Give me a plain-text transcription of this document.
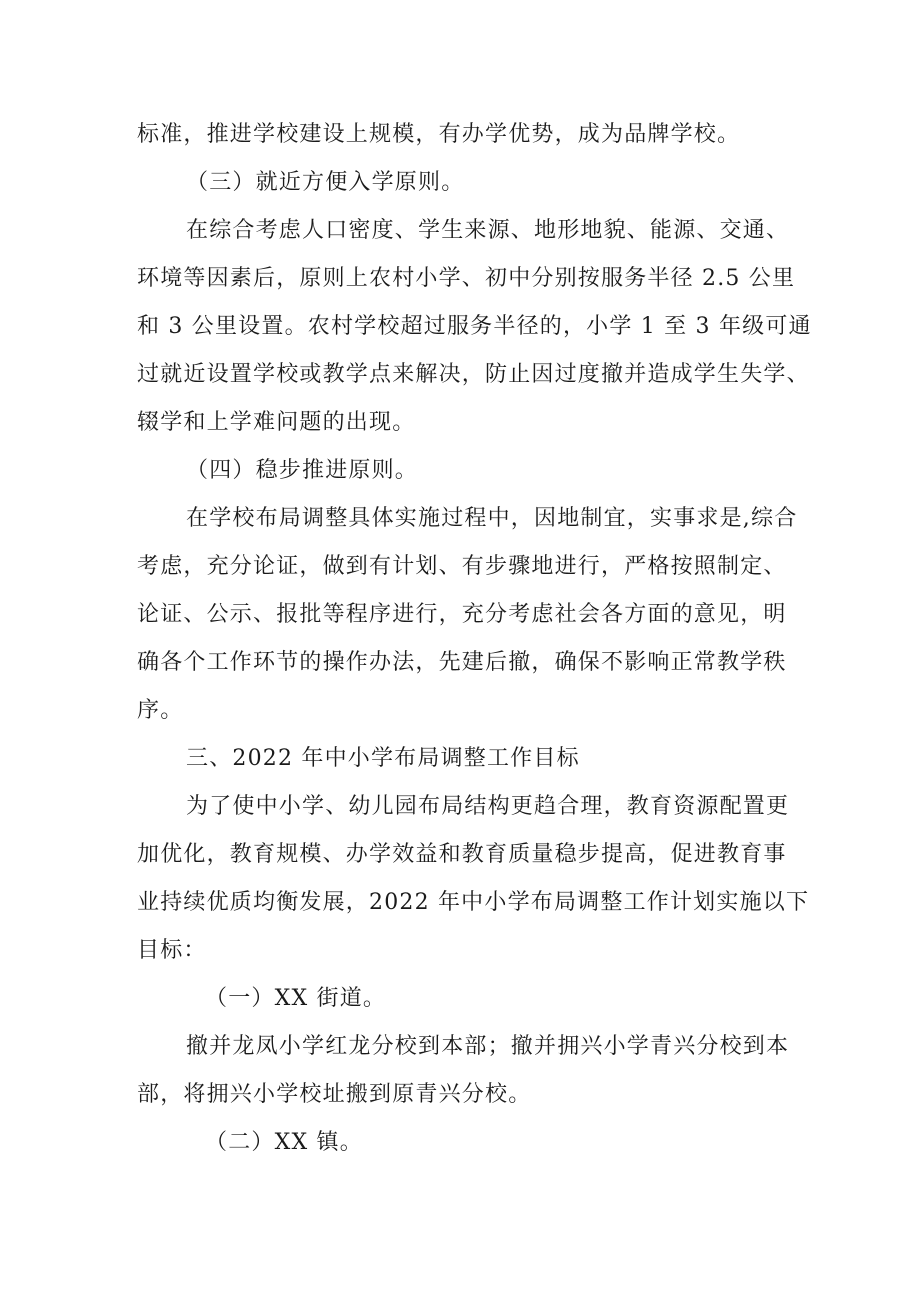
标准，推进学校建设上规模，有办学优势，成为品牌学校。
（三）就近方便入学原则。
在综合考虑人口密度、学生来源、地形地貌、能源、交通、
环境等因素后，原则上农村小学、初中分别按服务半径 2.5 公里
和 3 公里设置。农村学校超过服务半径的，小学 1 至 3 年级可通
过就近设置学校或教学点来解决，防止因过度撤并造成学生失学、
辍学和上学难问题的出现。
（四）稳步推进原则。
在学校布局调整具体实施过程中，因地制宜，实事求是,综合
考虑，充分论证，做到有计划、有步骤地进行，严格按照制定、
论证、公示、报批等程序进行，充分考虑社会各方面的意见，明
确各个工作环节的操作办法，先建后撤，确保不影响正常教学秩
序。
三、2022 年中小学布局调整工作目标
为了使中小学、幼儿园布局结构更趋合理，教育资源配置更
加优化，教育规模、办学效益和教育质量稳步提高，促进教育事
业持续优质均衡发展，2022 年中小学布局调整工作计划实施以下
目标：
（一）XX 街道。
撤并龙凤小学红龙分校到本部；撤并拥兴小学青兴分校到本
部，将拥兴小学校址搬到原青兴分校。
（二）XX 镇。
